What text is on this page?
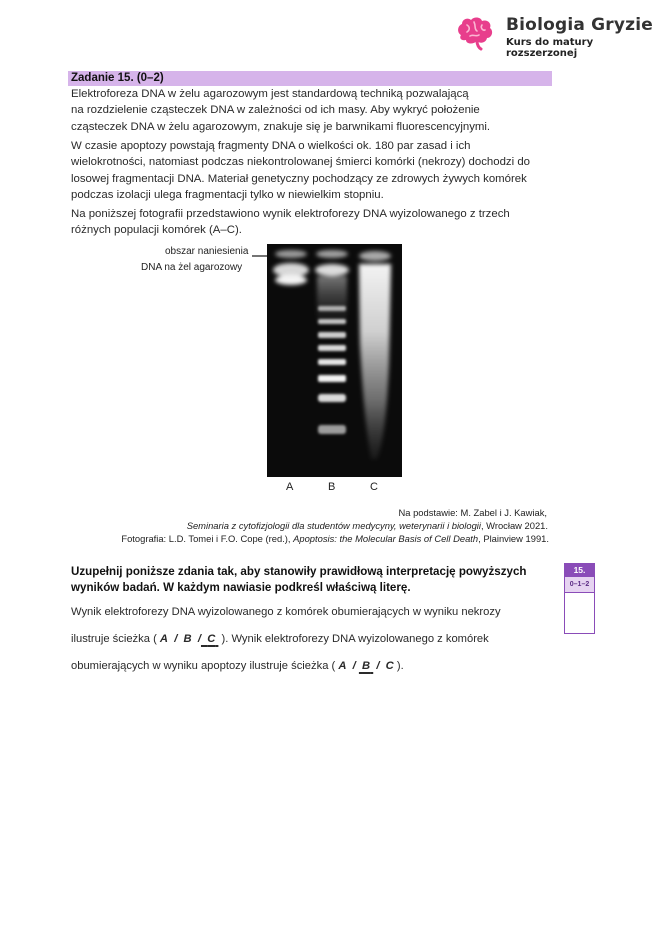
Biologia Gryzie
Kurs do matury rozszerzonej
Zadanie 15. (0–2)

Elektroforeza DNA w żelu agarozowym jest standardową techniką pozwalającą
na rozdzielenie cząsteczek DNA w zależności od ich masy. Aby wykryć położenie
cząsteczek DNA w żelu agarozowym, znakuje się je barwnikami fluorescencyjnymi.

W czasie apoptozy powstają fragmenty DNA o wielkości ok. 180 par zasad i ich
wielokrotności, natomiast podczas niekontrolowanej śmierci komórki (nekrozy) dochodzi do
losowej fragmentacji DNA. Materiał genetyczny pochodzący ze zdrowych żywych komórek
podczas izolacji ulega fragmentacji tylko w niewielkim stopniu.

Na poniższej fotografii przedstawiono wynik elektroforezy DNA wyizolowanego z trzech
różnych populacji komórek (A–C).

obszar naniesienia
DNA na żel agarozowy
A	B	C
Na podstawie: M. Zabel i J. Kawiak,
Seminaria z cytofizjologii dla studentów medycyny, weterynarii i biologii, Wrocław 2021.
Fotografia: L.D. Tomei i F.O. Cope (red.), Apoptosis: the Molecular Basis of Cell Death, Plainview 1991.

Uzupełnij poniższe zdania tak, aby stanowiły prawidłową interpretację powyższych
wyników badań. W każdym nawiasie podkreśl właściwą literę.

Wynik elektroforezy DNA wyizolowanego z komórek obumierających w wyniku nekrozy
ilustruje ścieżka ( A  /  B  / C ). Wynik elektroforezy DNA wyizolowanego z komórek
obumierających w wyniku apoptozy ilustruje ścieżka ( A  /  B  /  C ).
15.
0–1–2
